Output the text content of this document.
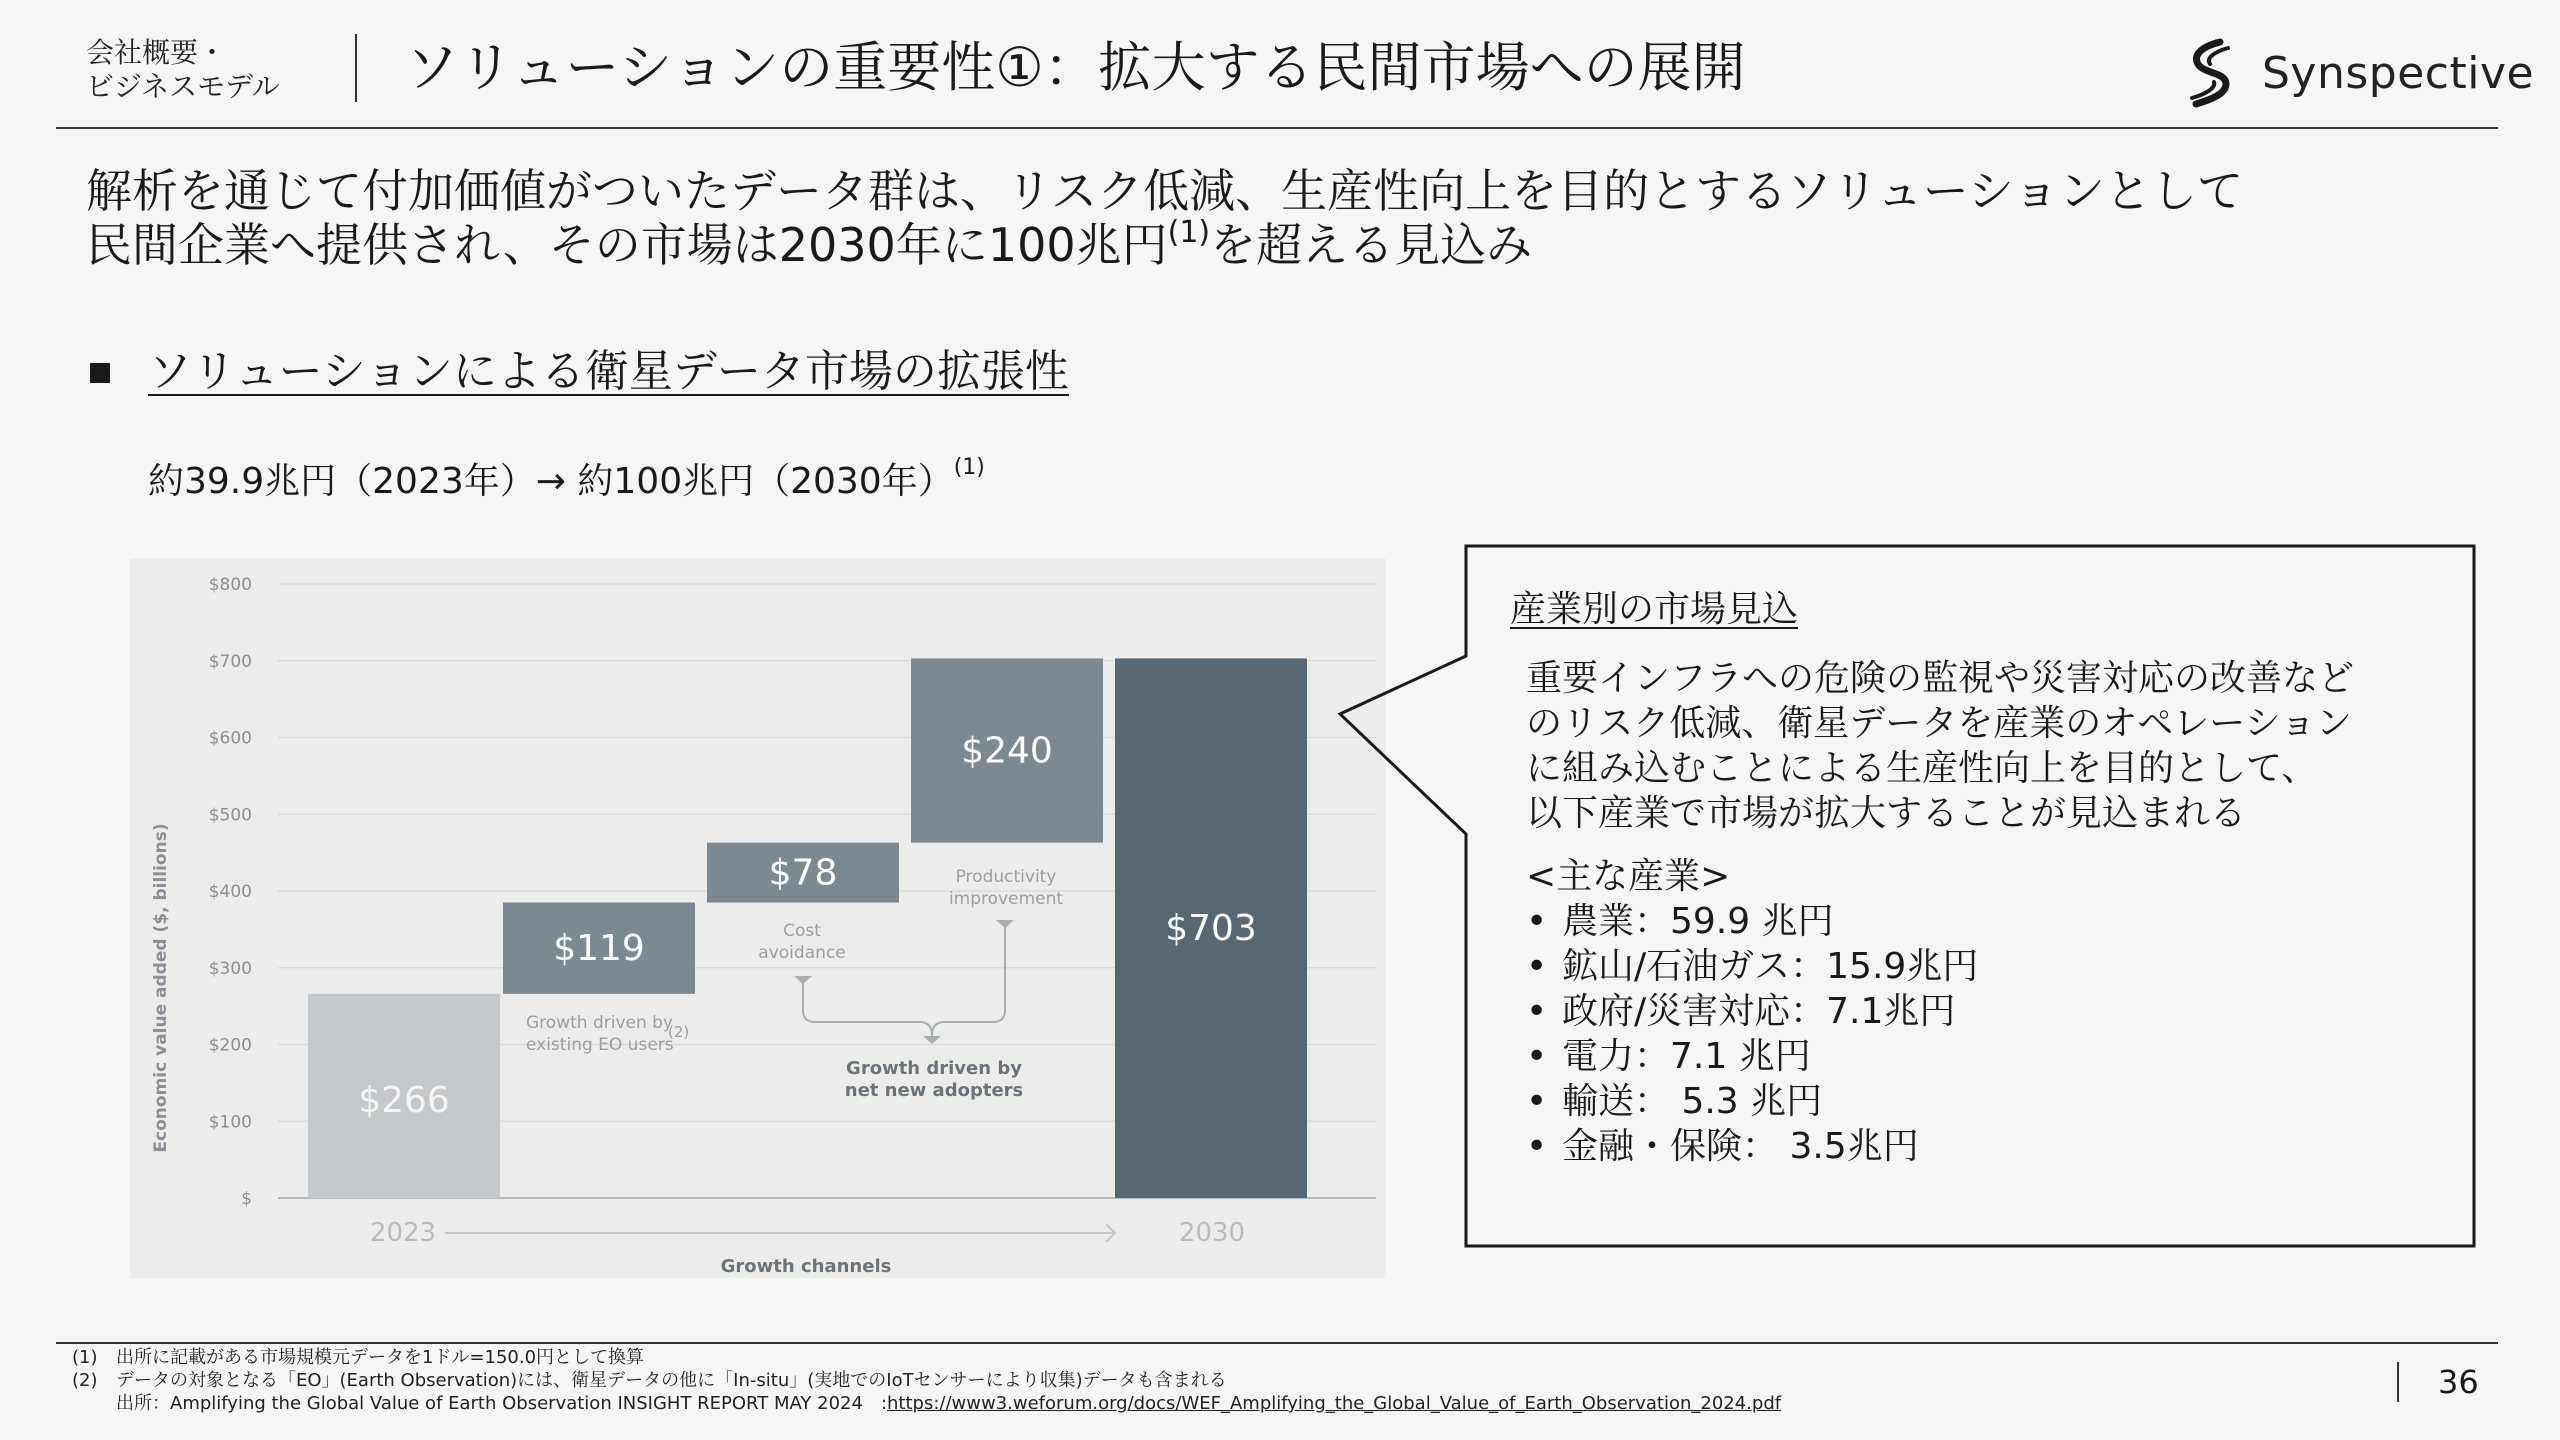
会社概要・
ビジネスモデル	ソリューションの重要性①：拡大する民間市場への展開	Synspective
解析を通じて付加価値がついたデータ群は、リスク低減、生産性向上を目的とするソリューションとして
民間企業へ提供され、その市場は2030年に100兆円$^{(1)}$を超える見込み
ソリューションによる衛星データ市場の拡張性
約39.9兆円（2023年）→ 約100兆円（2030年）$^{(1)}$
$
$100
$200
$300
$400
$500
$600
$700
$800
$266
$119
$78
$240
$703
Economic value added ($, billions)
Growth channels
2023	2030
Growth driven by
existing EO users
(2)
Cost
avoidance
Productivity
improvement
Growth driven by
net new adopters
産業別の市場見込
重要インフラへの危険の監視や災害対応の改善など
のリスク低減、衛星データを産業のオペレーション
に組み込むことによる生産性向上を目的として、
以下産業で市場が拡大することが見込まれる
<主な産業>
• 農業：59.9 兆円
• 鉱山/石油ガス：15.9兆円
• 政府/災害対応：7.1兆円
• 電力：7.1 兆円
• 輸送： 5.3 兆円
• 金融・保険： 3.5兆円
(1)	出所に記載がある市場規模元データを1ドル=150.0円として換算
(2)	データの対象となる「EO」(Earth Observation)には、衛星データの他に「In-situ」(実地でのIoTセンサーにより収集)データも含まれる
出所：Amplifying the Global Value of Earth Observation INSIGHT REPORT MAY 2024　: https://www3.weforum.org/docs/WEF_Amplifying_the_Global_Value_of_Earth_Observation_2024.pdf
36
